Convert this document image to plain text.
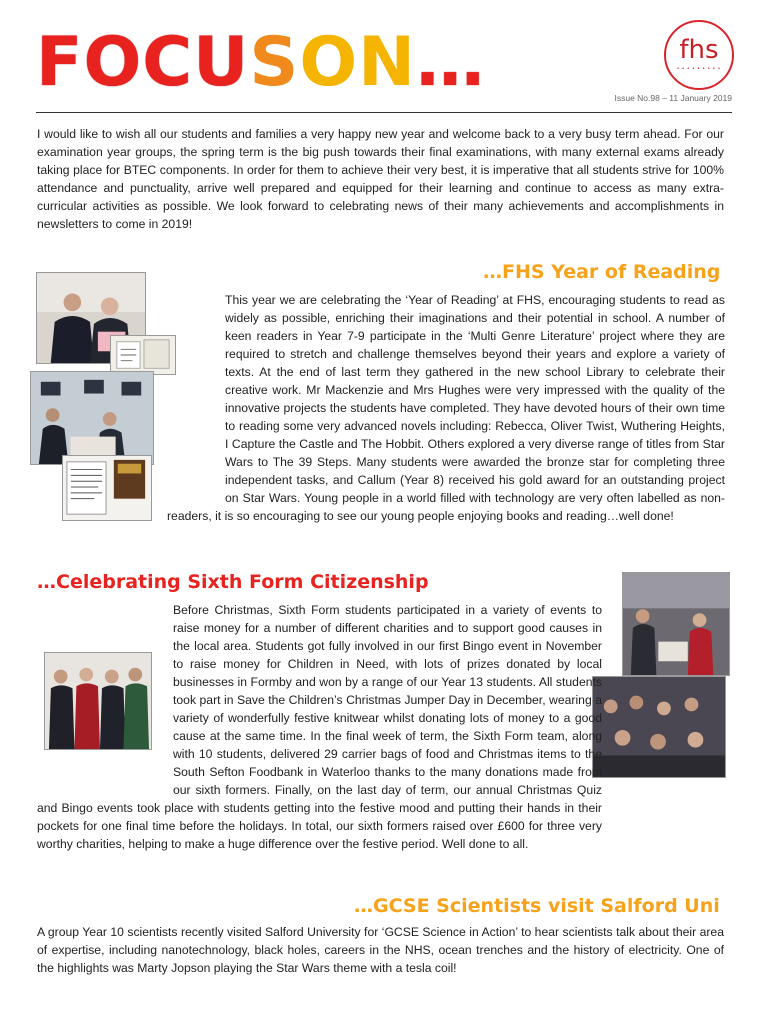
FOCUSON…	fhs
• • • • • • • • •
Issue No.98 – 11 January 2019

I would like to wish all our students and families a very happy new year and welcome back to a very busy term ahead. For our examination year groups, the spring term is the big push towards their final examinations, with many external exams already taking place for BTEC components. In order for them to achieve their very best, it is imperative that all students strive for 100% attendance and punctuality, arrive well prepared and equipped for their learning and continue to access as many extra-curricular activities as possible. We look forward to celebrating news of their many achievements and accomplishments in newsletters to come in 2019!

…FHS Year of Reading

This year we are celebrating the ‘Year of Reading’ at FHS, encouraging students to read as widely as possible, enriching their imaginations and their potential in school. A number of keen readers in Year 7-9 participate in the ‘Multi Genre Literature’ project where they are required to stretch and challenge themselves beyond their years and explore a variety of texts. At the end of last term they gathered in the new school Library to celebrate their creative work. Mr Mackenzie and Mrs Hughes were very impressed with the quality of the innovative projects the students have completed. They have devoted hours of their own time to reading some very advanced novels including: Rebecca, Oliver Twist, Wuthering Heights, I Capture the Castle and The Hobbit. Others explored a very diverse range of titles from Star Wars to The 39 Steps. Many students were awarded the bronze star for completing three independent tasks, and Callum (Year 8) received his gold award for an outstanding project on Star Wars. Young people in a world filled with technology are very often labelled as non-readers, it is so encouraging to see our young people enjoying books and reading…well done!

…Celebrating Sixth Form Citizenship

Before Christmas, Sixth Form students participated in a variety of events to raise money for a number of different charities and to support good causes in the local area. Students got fully involved in our first Bingo event in November to raise money for Children in Need, with lots of prizes donated by local businesses in Formby and won by a range of our Year 13 students. All students took part in Save the Children’s Christmas Jumper Day in December, wearing a variety of wonderfully festive knitwear whilst donating lots of money to a good cause at the same time. In the final week of term, the Sixth Form team, along with 10 students, delivered 29 carrier bags of food and Christmas items to the South Sefton Foodbank in Waterloo thanks to the many donations made from our sixth formers. Finally, on the last day of term, our annual Christmas Quiz and Bingo events took place with students getting into the festive mood and putting their hands in their pockets for one final time before the holidays. In total, our sixth formers raised over £600 for three very worthy charities, helping to make a huge difference over the festive period. Well done to all.

…GCSE Scientists visit Salford Uni

A group Year 10 scientists recently visited Salford University for ‘GCSE Science in Action’ to hear scientists talk about their area of expertise, including nanotechnology, black holes, careers in the NHS, ocean trenches and the history of electricity. One of the highlights was Marty Jopson playing the Star Wars theme with a tesla coil!
